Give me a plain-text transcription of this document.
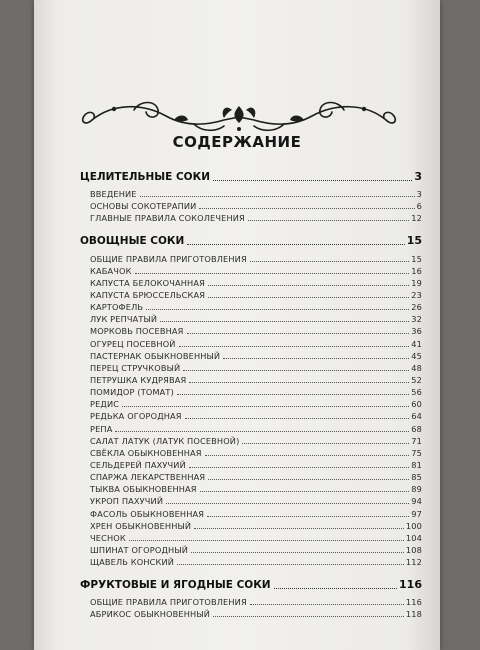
СОДЕРЖАНИЕ
ЦЕЛИТЕЛЬНЫЕ СОКИ	3
ВВЕДЕНИЕ	3
ОСНОВЫ СОКОТЕРАПИИ	6
ГЛАВНЫЕ ПРАВИЛА СОКОЛЕЧЕНИЯ	12
ОВОЩНЫЕ СОКИ	15
ОБЩИЕ ПРАВИЛА ПРИГОТОВЛЕНИЯ	15
КАБАЧОК	16
КАПУСТА БЕЛОКОЧАННАЯ	19
КАПУСТА БРЮССЕЛЬСКАЯ	23
КАРТОФЕЛЬ	26
ЛУК РЕПЧАТЫЙ	32
МОРКОВЬ ПОСЕВНАЯ	36
ОГУРЕЦ ПОСЕВНОЙ	41
ПАСТЕРНАК ОБЫКНОВЕННЫЙ	45
ПЕРЕЦ СТРУЧКОВЫЙ	48
ПЕТРУШКА КУДРЯВАЯ	52
ПОМИДОР (ТОМАТ)	56
РЕДИС	60
РЕДЬКА ОГОРОДНАЯ	64
РЕПА	68
САЛАТ ЛАТУК (ЛАТУК ПОСЕВНОЙ)	71
СВЁКЛА ОБЫКНОВЕННАЯ	75
СЕЛЬДЕРЕЙ ПАХУЧИЙ	81
СПАРЖА ЛЕКАРСТВЕННАЯ	85
ТЫКВА ОБЫКНОВЕННАЯ	89
УКРОП ПАХУЧИЙ	94
ФАСОЛЬ ОБЫКНОВЕННАЯ	97
ХРЕН ОБЫКНОВЕННЫЙ	100
ЧЕСНОК	104
ШПИНАТ ОГОРОДНЫЙ	108
ЩАВЕЛЬ КОНСКИЙ	112
ФРУКТОВЫЕ И ЯГОДНЫЕ СОКИ	116
ОБЩИЕ ПРАВИЛА ПРИГОТОВЛЕНИЯ	116
АБРИКОС ОБЫКНОВЕННЫЙ	118
